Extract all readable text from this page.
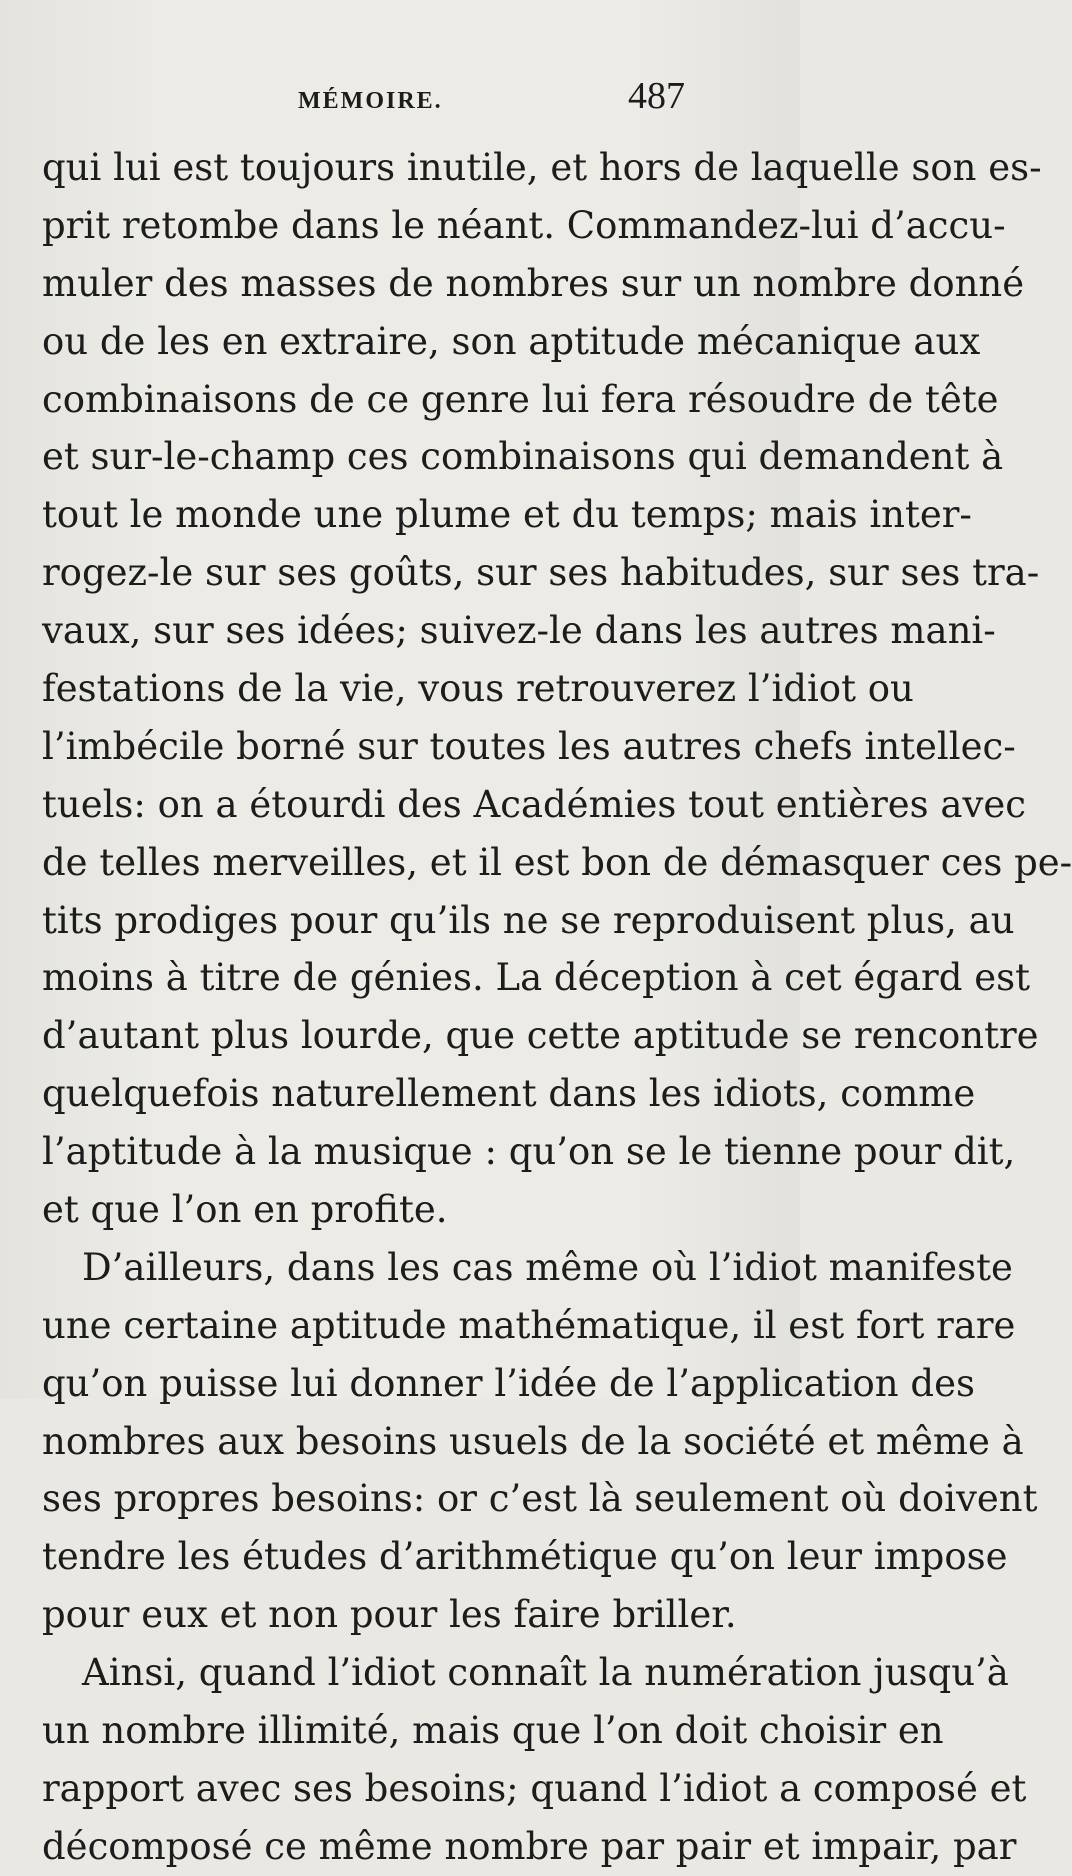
MÉMOIRE.	487
qui lui est toujours inutile, et hors de laquelle son es-
prit retombe dans le néant. Commandez-lui d’accu-
muler des masses de nombres sur un nombre donné
ou de les en extraire, son aptitude mécanique aux
combinaisons de ce genre lui fera résoudre de tête
et sur-le-champ ces combinaisons qui demandent à
tout le monde une plume et du temps; mais inter-
rogez-le sur ses goûts, sur ses habitudes, sur ses tra-
vaux, sur ses idées; suivez-le dans les autres mani-
festations de la vie, vous retrouverez l’idiot ou
l’imbécile borné sur toutes les autres chefs intellec-
tuels: on a étourdi des Académies tout entières avec
de telles merveilles, et il est bon de démasquer ces pe-
tits prodiges pour qu’ils ne se reproduisent plus, au
moins à titre de génies. La déception à cet égard est
d’autant plus lourde, que cette aptitude se rencontre
quelquefois naturellement dans les idiots, comme
l’aptitude à la musique : qu’on se le tienne pour dit,
et que l’on en profite.
D’ailleurs, dans les cas même où l’idiot manifeste
une certaine aptitude mathématique, il est fort rare
qu’on puisse lui donner l’idée de l’application des
nombres aux besoins usuels de la société et même à
ses propres besoins: or c’est là seulement où doivent
tendre les études d’arithmétique qu’on leur impose
pour eux et non pour les faire briller.
Ainsi, quand l’idiot connaît la numération jusqu’à
un nombre illimité, mais que l’on doit choisir en
rapport avec ses besoins; quand l’idiot a composé et
décomposé ce même nombre par pair et impair, par
